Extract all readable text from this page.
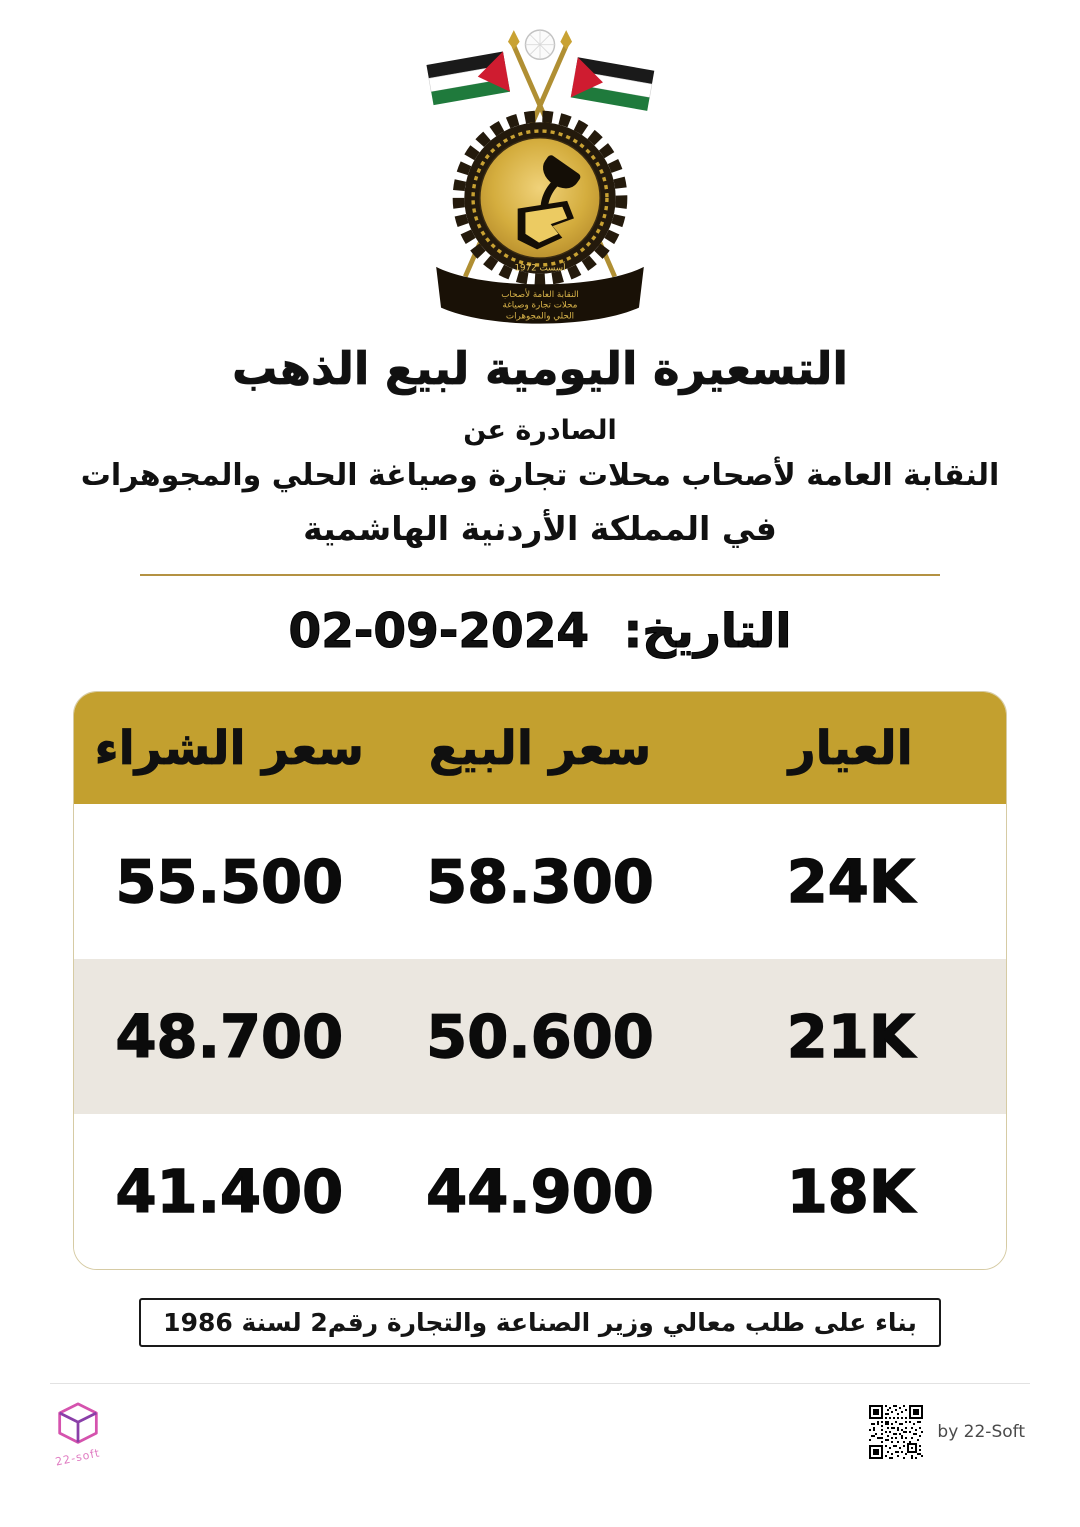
أسست 1972
النقابة العامة لأصحاب
محلات تجارة وصياغة
الحلي والمجوهرات
التسعيرة اليومية لبيع الذهب
الصادرة عن
النقابة العامة لأصحاب محلات تجارة وصياغة الحلي والمجوهرات
في المملكة الأردنية الهاشمية
التاريخ: 02-09-2024
العيار
سعر البيع
سعر الشراء
24K
58.300
55.500
21K
50.600
48.700
18K
44.900
41.400
بناء على طلب معالي وزير الصناعة والتجارة رقم2 لسنة 1986
22-soft
by 22-Soft
